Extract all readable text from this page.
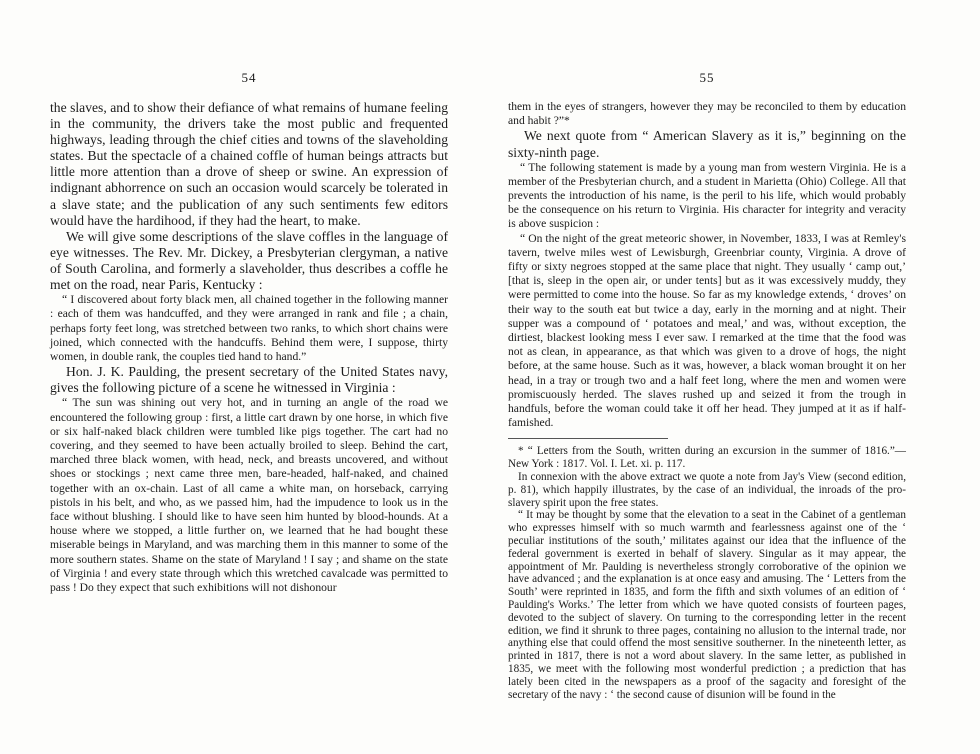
54

the slaves, and to show their defiance of what remains of humane feeling in the community, the drivers take the most public and frequented highways, leading through the chief cities and towns of the slaveholding states. But the spectacle of a chained coffle of human beings attracts but little more attention than a drove of sheep or swine. An expression of indignant abhorrence on such an occasion would scarcely be tolerated in a slave state; and the publication of any such sentiments few editors would have the hardihood, if they had the heart, to make.

We will give some descriptions of the slave coffles in the language of eye witnesses. The Rev. Mr. Dickey, a Presbyterian clergyman, a native of South Carolina, and formerly a slaveholder, thus describes a coffle he met on the road, near Paris, Kentucky :

“ I discovered about forty black men, all chained together in the following manner : each of them was handcuffed, and they were arranged in rank and file ; a chain, perhaps forty feet long, was stretched between two ranks, to which short chains were joined, which connected with the handcuffs. Behind them were, I suppose, thirty women, in double rank, the couples tied hand to hand.”

Hon. J. K. Paulding, the present secretary of the United States navy, gives the following picture of a scene he witnessed in Virginia :

“ The sun was shining out very hot, and in turning an angle of the road we encountered the following group : first, a little cart drawn by one horse, in which five or six half-naked black children were tumbled like pigs together. The cart had no covering, and they seemed to have been actually broiled to sleep. Behind the cart, marched three black women, with head, neck, and breasts uncovered, and without shoes or stockings ; next came three men, bare-headed, half-naked, and chained together with an ox-chain. Last of all came a white man, on horseback, carrying pistols in his belt, and who, as we passed him, had the impudence to look us in the face without blushing. I should like to have seen him hunted by blood-hounds. At a house where we stopped, a little further on, we learned that he had bought these miserable beings in Maryland, and was marching them in this manner to some of the more southern states. Shame on the state of Maryland ! I say ; and shame on the state of Virginia ! and every state through which this wretched cavalcade was permitted to pass ! Do they expect that such exhibitions will not dishonour

55

them in the eyes of strangers, however they may be reconciled to them by education and habit ?”*

We next quote from “ American Slavery as it is,” beginning on the sixty-ninth page.

“ The following statement is made by a young man from western Virginia. He is a member of the Presbyterian church, and a student in Marietta (Ohio) College. All that prevents the introduction of his name, is the peril to his life, which would probably be the consequence on his return to Virginia. His character for integrity and veracity is above suspicion :

“ On the night of the great meteoric shower, in November, 1833, I was at Remley's tavern, twelve miles west of Lewisburgh, Greenbriar county, Virginia. A drove of fifty or sixty negroes stopped at the same place that night. They usually ‘ camp out,’ [that is, sleep in the open air, or under tents] but as it was excessively muddy, they were permitted to come into the house. So far as my knowledge extends, ‘ droves’ on their way to the south eat but twice a day, early in the morning and at night. Their supper was a compound of ‘ potatoes and meal,’ and was, without exception, the dirtiest, blackest looking mess I ever saw. I remarked at the time that the food was not as clean, in appearance, as that which was given to a drove of hogs, the night before, at the same house. Such as it was, however, a black woman brought it on her head, in a tray or trough two and a half feet long, where the men and women were promiscuously herded. The slaves rushed up and seized it from the trough in handfuls, before the woman could take it off her head. They jumped at it as if half-famished.

* “ Letters from the South, written during an excursion in the summer of 1816.”—New York : 1817. Vol. I. Let. xi. p. 117.

In connexion with the above extract we quote a note from Jay's View (second edition, p. 81), which happily illustrates, by the case of an individual, the inroads of the pro-slavery spirit upon the free states.

“ It may be thought by some that the elevation to a seat in the Cabinet of a gentleman who expresses himself with so much warmth and fearlessness against one of the ‘ peculiar institutions of the south,’ militates against our idea that the influence of the federal government is exerted in behalf of slavery. Singular as it may appear, the appointment of Mr. Paulding is nevertheless strongly corroborative of the opinion we have advanced ; and the explanation is at once easy and amusing. The ‘ Letters from the South’ were reprinted in 1835, and form the fifth and sixth volumes of an edition of ‘ Paulding's Works.’ The letter from which we have quoted consists of fourteen pages, devoted to the subject of slavery. On turning to the corresponding letter in the recent edition, we find it shrunk to three pages, containing no allusion to the internal trade, nor anything else that could offend the most sensitive southerner. In the nineteenth letter, as printed in 1817, there is not a word about slavery. In the same letter, as published in 1835, we meet with the following most wonderful prediction ; a prediction that has lately been cited in the newspapers as a proof of the sagacity and foresight of the secretary of the navy : ‘ the second cause of disunion will be found in the
